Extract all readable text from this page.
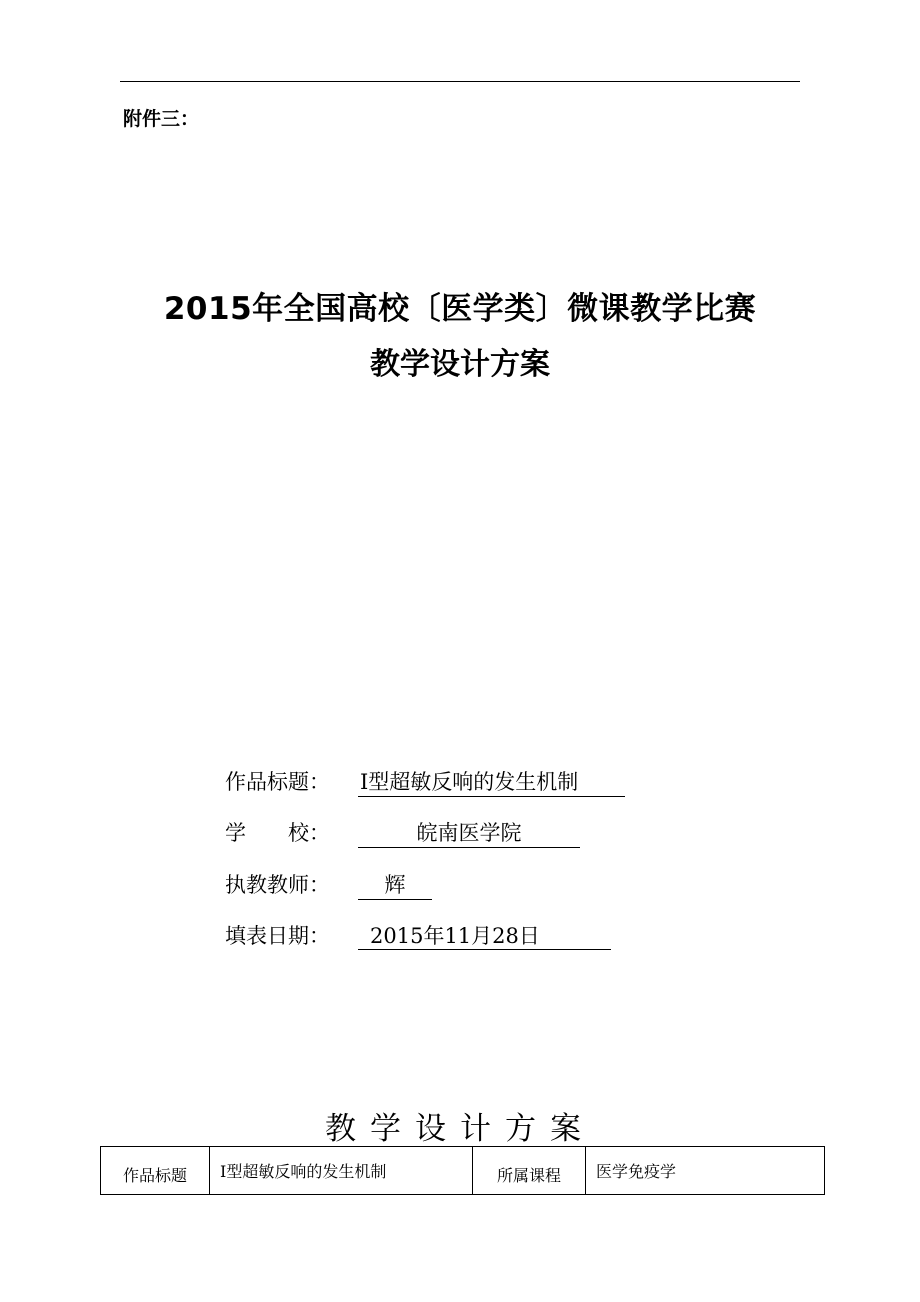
附件三：
2015年全国高校〔医学类〕微课教学比赛
教学设计方案
作品标题： I型超敏反响的发生机制
学　　校：	皖南医学院
执教教师：	辉
填表日期：	2015年11月28日
教学设计方案
作品标题	I型超敏反响的发生机制	所属课程	医学免疫学
